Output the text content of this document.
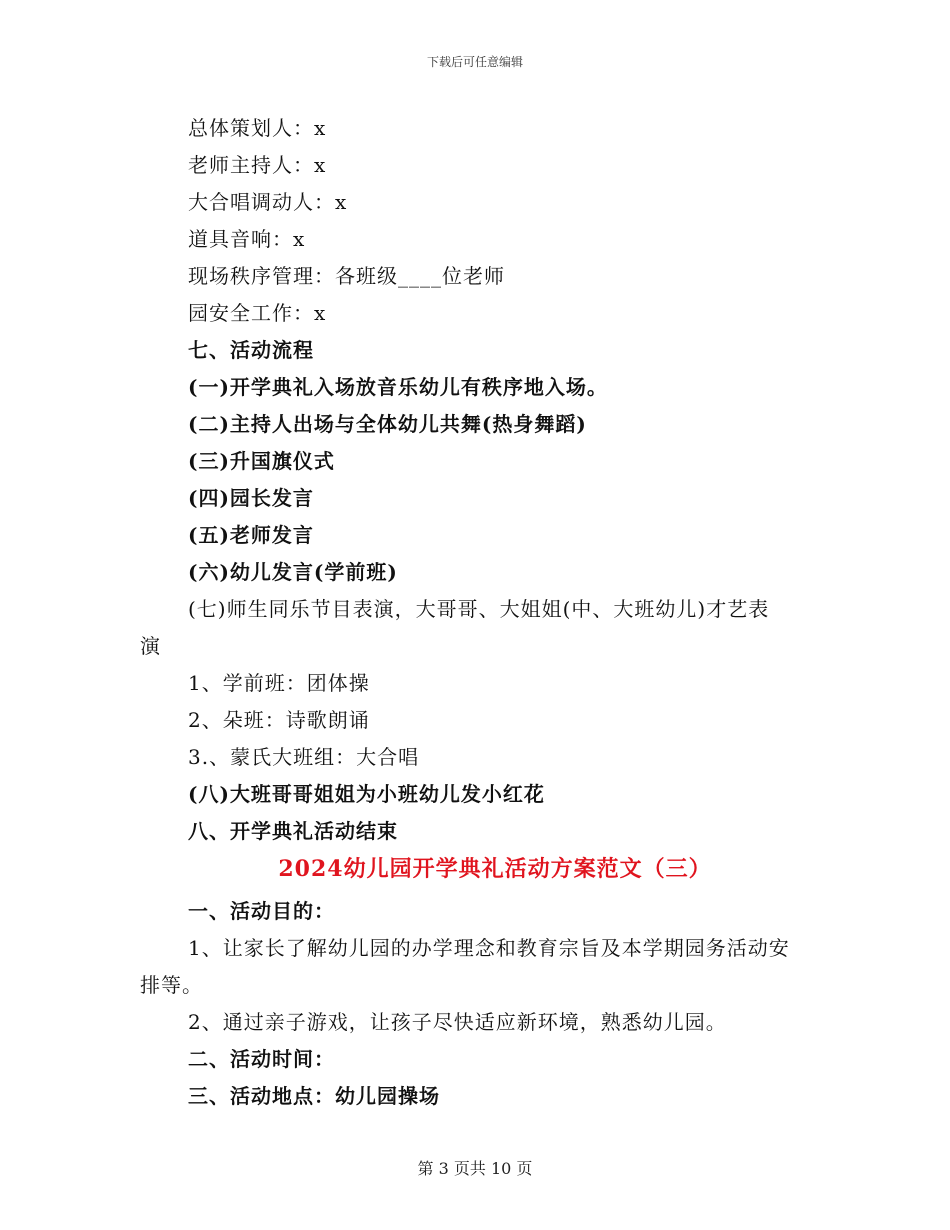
下载后可任意编辑
总体策划人：x
老师主持人：x
大合唱调动人：x
道具音响：x
现场秩序管理：各班级____位老师
园安全工作：x
七、活动流程
(一)开学典礼入场放音乐幼儿有秩序地入场。
(二)主持人出场与全体幼儿共舞(热身舞蹈)
(三)升国旗仪式
(四)园长发言
(五)老师发言
(六)幼儿发言(学前班)
(七)师生同乐节目表演，大哥哥、大姐姐(中、大班幼儿)才艺表
演
1、学前班：团体操
2、朵班：诗歌朗诵
3.、蒙氏大班组：大合唱
(八)大班哥哥姐姐为小班幼儿发小红花
八、开学典礼活动结束
2024幼儿园开学典礼活动方案范文（三）
一、活动目的：
1、让家长了解幼儿园的办学理念和教育宗旨及本学期园务活动安
排等。
2、通过亲子游戏，让孩子尽快适应新环境，熟悉幼儿园。
二、活动时间：
三、活动地点：幼儿园操场
第 3 页共 10 页
